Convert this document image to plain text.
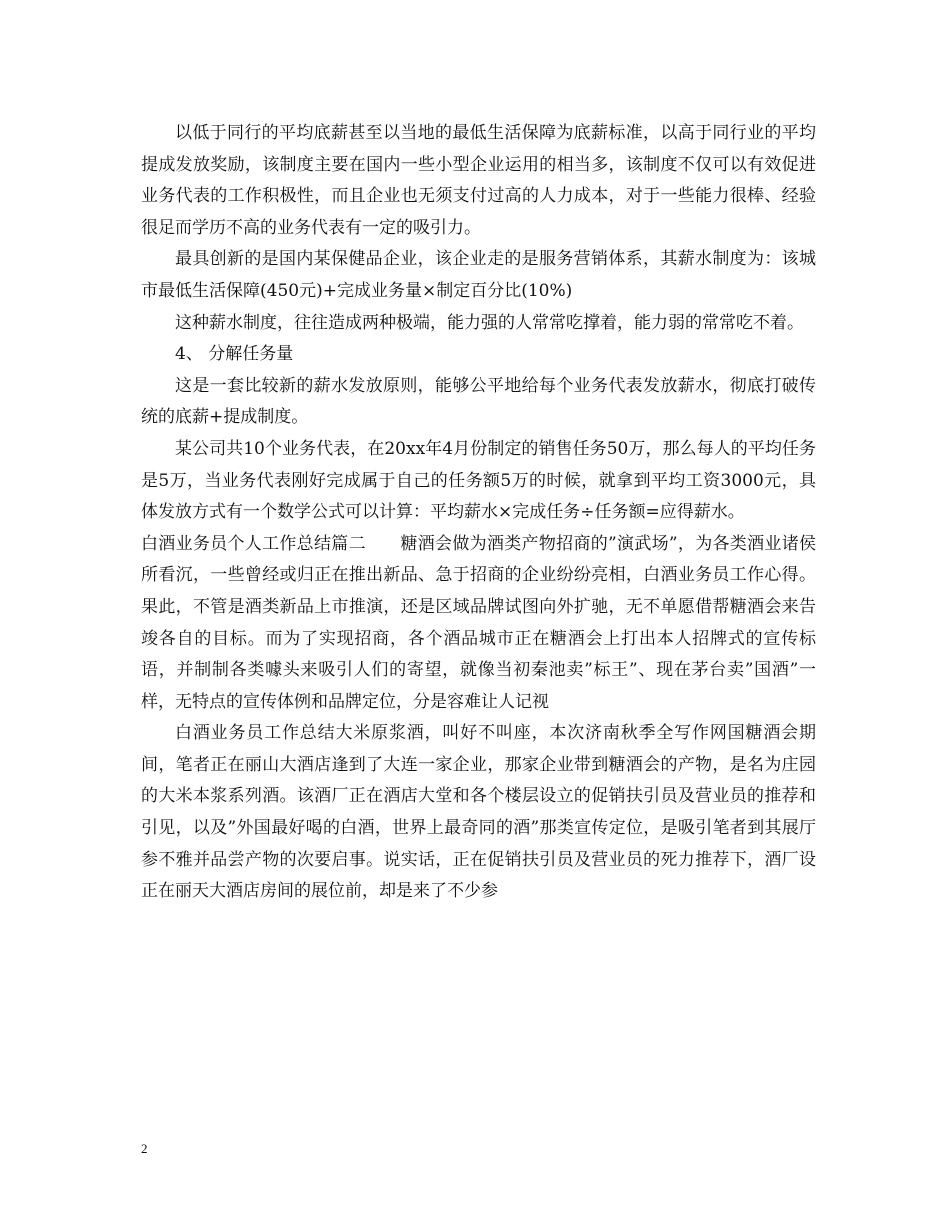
以低于同行的平均底薪甚至以当地的最低生活保障为底薪标准，以高于同行业的平均提成发放奖励，该制度主要在国内一些小型企业运用的相当多，该制度不仅可以有效促进业务代表的工作积极性，而且企业也无须支付过高的人力成本，对于一些能力很棒、经验很足而学历不高的业务代表有一定的吸引力。

最具创新的是国内某保健品企业，该企业走的是服务营销体系，其薪水制度为：该城市最低生活保障(450元)+完成业务量×制定百分比(10%)

这种薪水制度，往往造成两种极端，能力强的人常常吃撑着，能力弱的常常吃不着。

4、 分解任务量

这是一套比较新的薪水发放原则，能够公平地给每个业务代表发放薪水，彻底打破传统的底薪+提成制度。

某公司共10个业务代表，在20xx年4月份制定的销售任务50万，那么每人的平均任务是5万，当业务代表刚好完成属于自己的任务额5万的时候，就拿到平均工资3000元，具体发放方式有一个数学公式可以计算：平均薪水×完成任务÷任务额=应得薪水。

白酒业务员个人工作总结篇二　　糖酒会做为酒类产物招商的”演武场”，为各类酒业诸侯所看沉，一些曾经或归正在推出新品、急于招商的企业纷纷亮相，白酒业务员工作心得。果此，不管是酒类新品上市推演，还是区域品牌试图向外扩驰，无不单愿借帮糖酒会来告竣各自的目标。而为了实现招商，各个酒品城市正在糖酒会上打出本人招牌式的宣传标语，并制制各类噱头来吸引人们的寄望，就像当初秦池卖”标王”、现在茅台卖”国酒”一样，无特点的宣传体例和品牌定位，分是容难让人记视

白酒业务员工作总结大米原浆酒，叫好不叫座，本次济南秋季全写作网国糖酒会期间，笔者正在丽山大酒店逢到了大连一家企业，那家企业带到糖酒会的产物，是名为庄园的大米本浆系列酒。该酒厂正在酒店大堂和各个楼层设立的促销扶引员及营业员的推荐和引见，以及”外国最好喝的白酒，世界上最奇同的酒”那类宣传定位，是吸引笔者到其展厅参不雅并品尝产物的次要启事。说实话，正在促销扶引员及营业员的死力推荐下，酒厂设正在丽天大酒店房间的展位前，却是来了不少参

2
